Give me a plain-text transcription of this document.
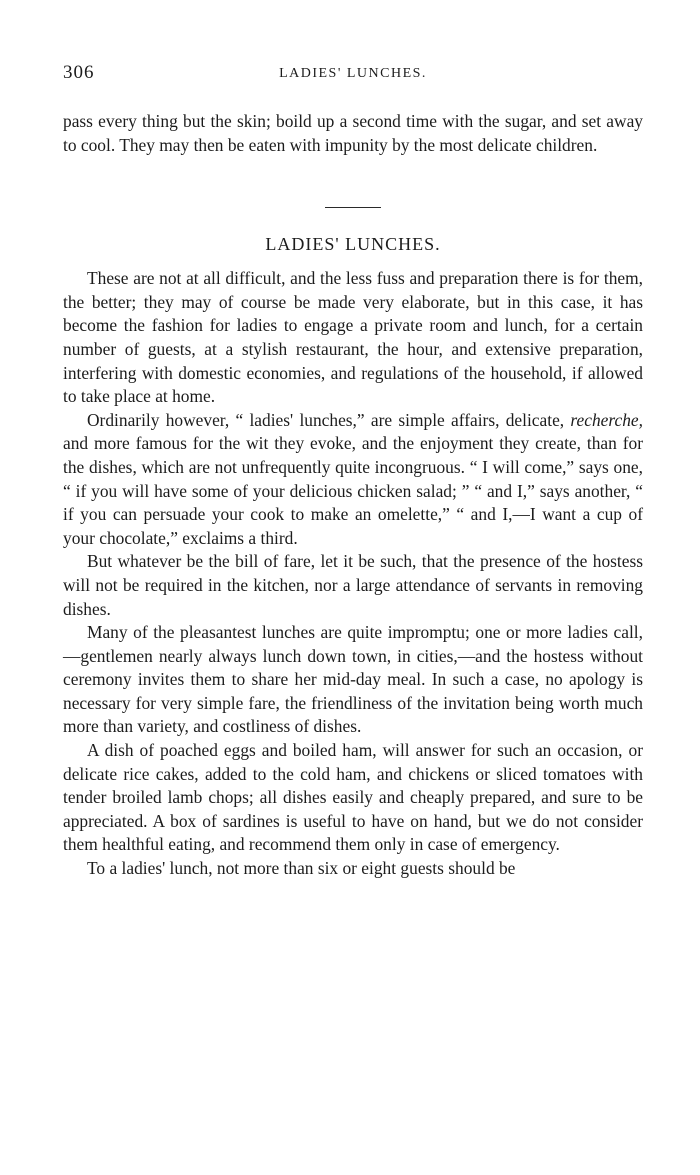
306	LADIES' LUNCHES.

pass every thing but the skin; boild up a second time with the sugar, and set away to cool. They may then be eaten with impunity by the most delicate children.

LADIES' LUNCHES.

These are not at all difficult, and the less fuss and preparation there is for them, the better; they may of course be made very elaborate, but in this case, it has become the fashion for ladies to engage a private room and lunch, for a certain number of guests, at a stylish restaurant, the hour, and extensive preparation, interfering with domestic economies, and regulations of the household, if allowed to take place at home.

Ordinarily however, “ ladies' lunches,” are simple affairs, delicate, recherche, and more famous for the wit they evoke, and the enjoyment they create, than for the dishes, which are not unfrequently quite incongruous. “ I will come,” says one, “ if you will have some of your delicious chicken salad; ” “ and I,” says another, “ if you can persuade your cook to make an omelette,” “ and I,—I want a cup of your chocolate,” exclaims a third.

But whatever be the bill of fare, let it be such, that the presence of the hostess will not be required in the kitchen, nor a large attendance of servants in removing dishes.

Many of the pleasantest lunches are quite impromptu; one or more ladies call,—gentlemen nearly always lunch down town, in cities,—and the hostess without ceremony invites them to share her mid-day meal. In such a case, no apology is necessary for very simple fare, the friendliness of the invitation being worth much more than variety, and costliness of dishes.

A dish of poached eggs and boiled ham, will answer for such an occasion, or delicate rice cakes, added to the cold ham, and chickens or sliced tomatoes with tender broiled lamb chops; all dishes easily and cheaply prepared, and sure to be appreciated. A box of sardines is useful to have on hand, but we do not consider them healthful eating, and recommend them only in case of emergency.

To a ladies' lunch, not more than six or eight guests should be
